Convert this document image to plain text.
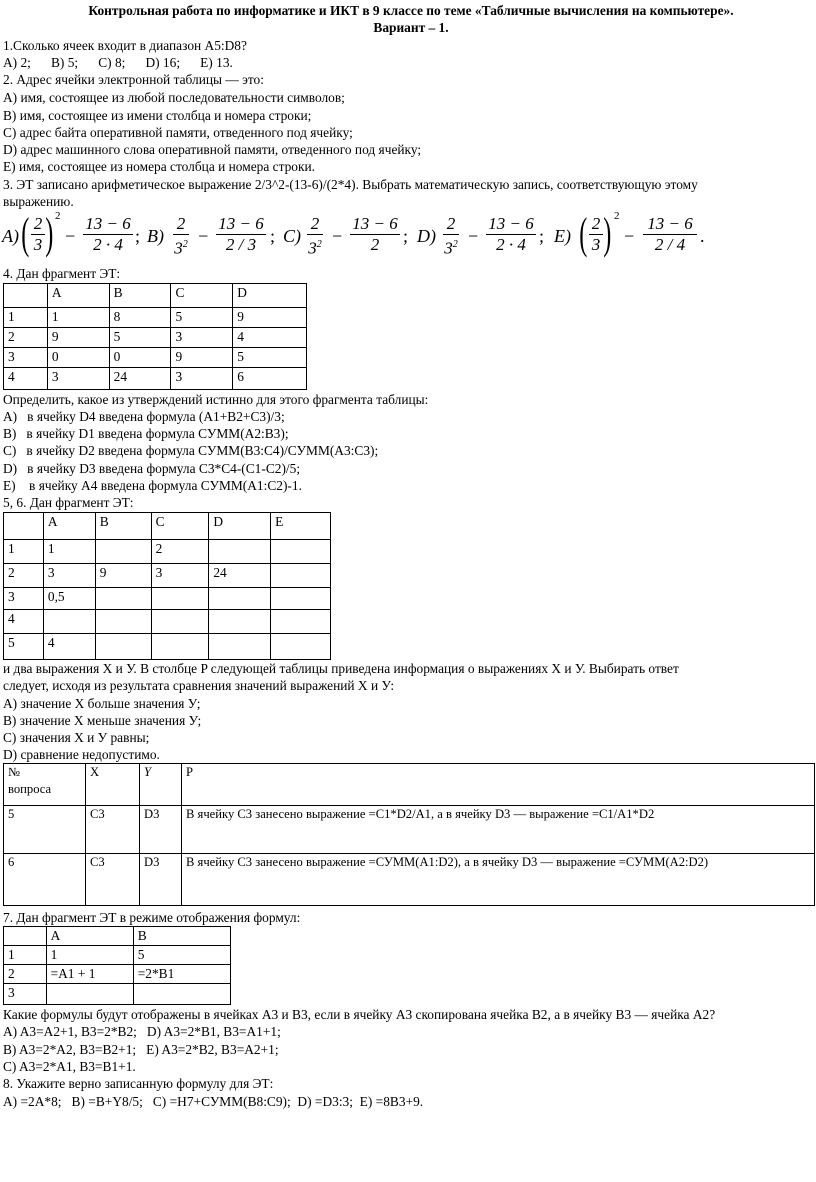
Контрольная работа по информатике и ИКТ в 9 классе по теме «Табличные вычисления на компьютере».
Вариант – 1.
1.Сколько ячеек входит в диапазон A5:D8?
A) 2;      B) 5;      C) 8;      D) 16;      E) 13.
2. Адрес ячейки электронной таблицы — это:
A) имя, состоящее из любой последовательности символов;
B) имя, состоящее из имени столбца и номера строки;
C) адрес байта оперативной памяти, отведенного под ячейку;
D) адрес машинного слова оперативной памяти, отведенного под ячейку;
E) имя, состоящее из номера столбца и номера строки.
3. ЭТ записано арифметическое выражение 2/3^2-(13-6)/(2*4). Выбрать математическую запись, соответствующую этому
выражению.
A) ( 2
3 ) 2
−
13 − 6
2 · 4 ; B)
2
$3^2$ −
13 − 6
2 / 3 ; C)
2
$3^2$ −
13 − 6
2	; D)
2
$3^2$ −
13 − 6
2 · 4 ; E) ( 2
3 ) 2
−
13 − 6
2 / 4 .
4. Дан фрагмент ЭТ:
	A	B	C	D
1	1	8	5	9
2	9	5	3	4
3	0	0	9	5
4	3	24	3	6
Определить, какое из утверждений истинно для этого фрагмента таблицы:
A)   в ячейку D4 введена формула (A1+B2+C3)/3;
B)   в ячейку D1 введена формула СУММ(A2:B3);
C)   в ячейку D2 введена формула СУММ(B3:C4)/СУММ(A3:C3);
D)   в ячейку D3 введена формула C3*C4-(C1-C2)/5;
E)    в ячейку A4 введена формула СУММ(A1:C2)-1.
5, 6. Дан фрагмент ЭТ:
	A	B	C	D	E
1	1		2		
2	3	9	3	24	
3	0,5				
4					
5	4				
и два выражения X и У. В столбце P следующей таблицы приведена информация о выражениях X и У. Выбирать ответ
следует, исходя из результата сравнения значений выражений X и У:
A) значение X больше значения У;
B) значение X меньше значения У;
C) значения X и У равны;
D) сравнение недопустимо.
№
вопроса	X	Y	P
5	C3	D3	В ячейку C3 занесено выражение =C1*D2/A1, а в ячейку D3 — выражение =C1/A1*D2
6	C3	D3	В ячейку C3 занесено выражение =СУММ(A1:D2), а в ячейку D3 — выражение =СУММ(A2:D2)
7. Дан фрагмент ЭТ в режиме отображения формул:
	A	B
1	1	5
2	=A1 + 1	=2*B1
3		
Какие формулы будут отображены в ячейках A3 и B3, если в ячейку A3 скопирована ячейка B2, а в ячейку B3 — ячейка A2?
A) A3=A2+1, B3=2*B2;   D) A3=2*B1, B3=A1+1;
B) A3=2*A2, B3=B2+1;   E) A3=2*B2, B3=A2+1;
C) A3=2*A1, B3=B1+1.
8. Укажите верно записанную формулу для ЭТ:
A) =2A*8;   B) =B+Y8/5;   C) =H7+СУММ(B8:C9);  D) =D3:3;  E) =8B3+9.
